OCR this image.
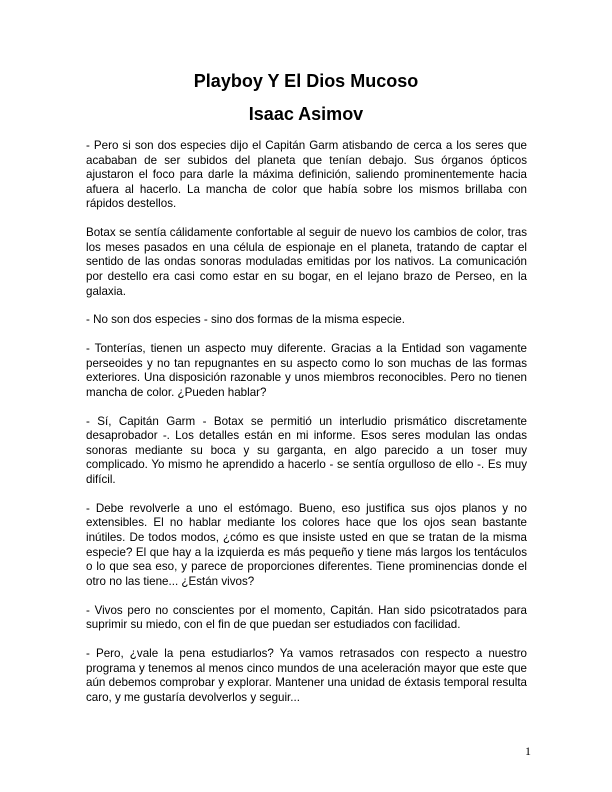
Playboy Y El Dios Mucoso
Isaac Asimov

- Pero si son dos especies dijo el Capitán Garm atisbando de cerca a los seres que acababan de ser subidos del planeta que tenían debajo. Sus órganos ópticos ajustaron el foco para darle la máxima definición, saliendo prominentemente hacia afuera al hacerlo. La mancha de color que había sobre los mismos brillaba con rápidos destellos.

Botax se sentía cálidamente confortable al seguir de nuevo los cambios de color, tras los meses pasados en una célula de espionaje en el planeta, tratando de captar el sentido de las ondas sonoras moduladas emitidas por los nativos. La comunicación por destello era casi como estar en su bogar, en el lejano brazo de Perseo, en la galaxia.

- No son dos especies - sino dos formas de la misma especie.

- Tonterías, tienen un aspecto muy diferente. Gracias a la Entidad son vagamente perseoides y no tan repugnantes en su aspecto como lo son muchas de las formas exteriores. Una disposición razonable y unos miembros reconocibles. Pero no tienen mancha de color. ¿Pueden hablar?

- Sí, Capitán Garm - Botax se permitió un interludio prismático discretamente desaprobador -. Los detalles están en mi informe. Esos seres modulan las ondas sonoras mediante su boca y su garganta, en algo parecido a un toser muy complicado. Yo mismo he aprendido a hacerlo - se sentía orgulloso de ello -. Es muy difícil.

- Debe revolverle a uno el estómago. Bueno, eso justifica sus ojos planos y no extensibles. El no hablar mediante los colores hace que los ojos sean bastante inútiles. De todos modos, ¿cómo es que insiste usted en que se tratan de la misma especie? El que hay a la izquierda es más pequeño y tiene más largos los tentáculos o lo que sea eso, y parece de proporciones diferentes. Tiene prominencias donde el otro no las tiene... ¿Están vivos?

- Vivos pero no conscientes por el momento, Capitán. Han sido psicotratados para suprimir su miedo, con el fin de que puedan ser estudiados con facilidad.

- Pero, ¿vale la pena estudiarlos? Ya vamos retrasados con respecto a nuestro programa y tenemos al menos cinco mundos de una aceleración mayor que este que aún debemos comprobar y explorar. Mantener una unidad de éxtasis temporal resulta caro, y me gustaría devolverlos y seguir...

1
